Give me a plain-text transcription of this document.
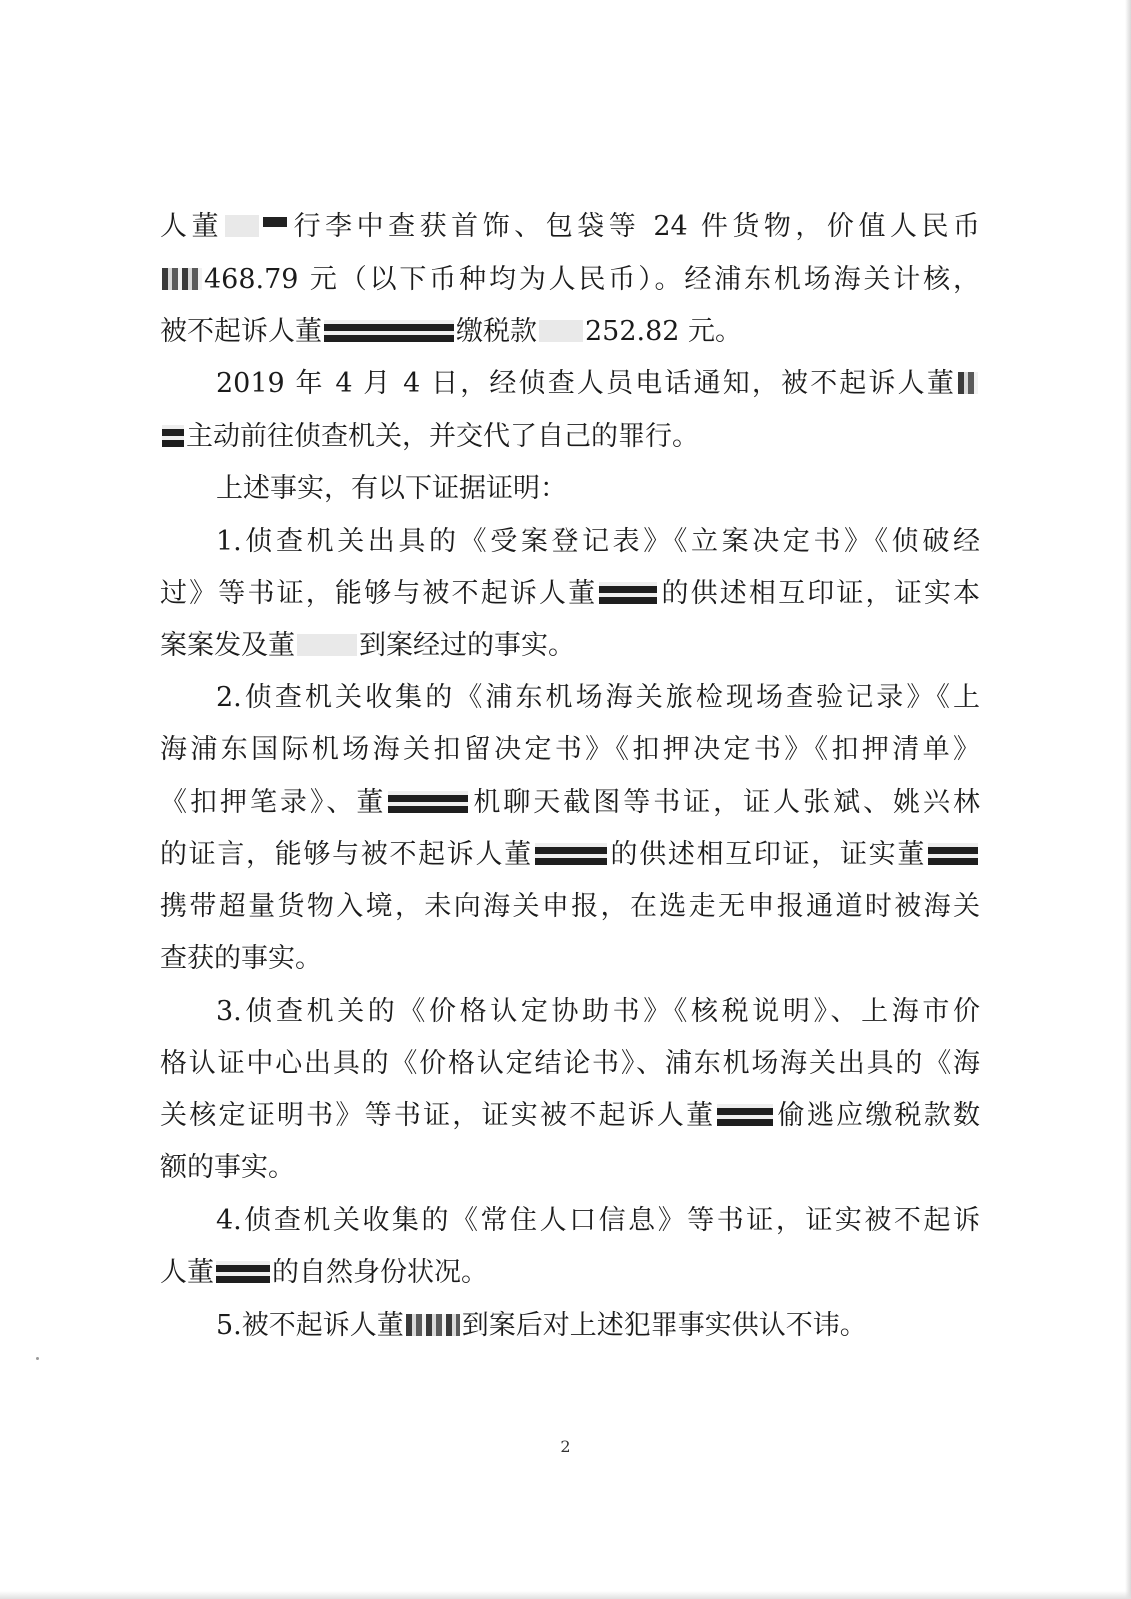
人董 行李中查获首饰、包袋等 24 件货物，价值人民币
468.79 元（以下币种均为人民币）。经浦东机场海关计核，
被不起诉人董	缴税款 252.82 元。
2019 年 4 月 4 日，经侦查人员电话通知，被不起诉人董
主动前往侦查机关，并交代了自己的罪行。
上述事实，有以下证据证明：
1.侦查机关出具的《受案登记表》《立案决定书》《侦破经
过》等书证，能够与被不起诉人董 的供述相互印证，证实本
案案发及董 到案经过的事实。
2.侦查机关收集的《浦东机场海关旅检现场查验记录》《上
海浦东国际机场海关扣留决定书》《扣押决定书》《扣押清单》
《扣押笔录》、董	机聊天截图等书证，证人张斌、姚兴林
的证言，能够与被不起诉人董	的供述相互印证，证实董
携带超量货物入境，未向海关申报，在选走无申报通道时被海关
查获的事实。
3.侦查机关的《价格认定协助书》《核税说明》、上海市价
格认证中心出具的《价格认定结论书》、浦东机场海关出具的《海
关核定证明书》等书证，证实被不起诉人董 偷逃应缴税款数
额的事实。
4.侦查机关收集的《常住人口信息》等书证，证实被不起诉
人董 的自然身份状况。
5.被不起诉人董 到案后对上述犯罪事实供认不讳。
2
